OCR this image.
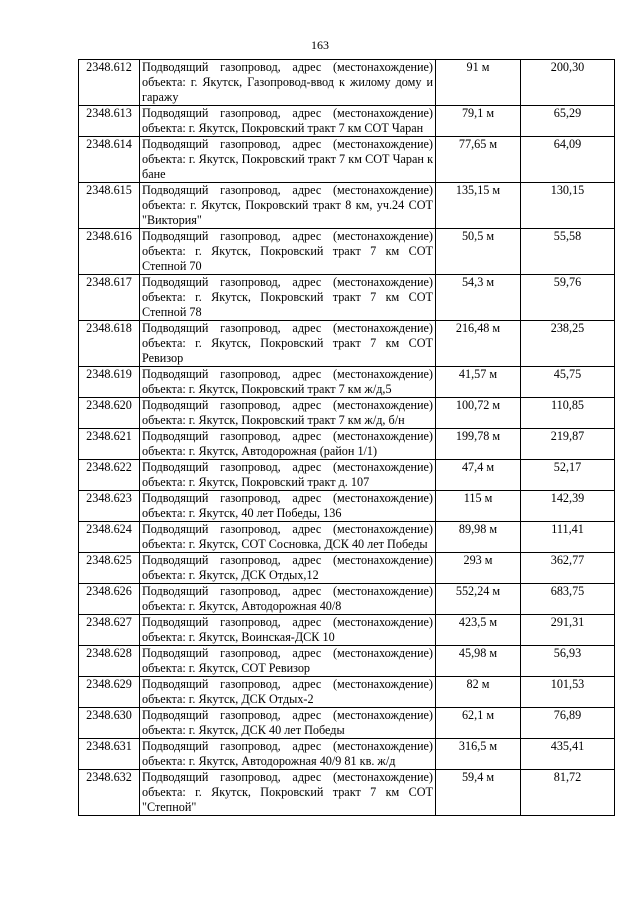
163
2348.612	Подводящий газопровод, адрес (местонахождение) объекта: г. Якутск, Газопровод-ввод к жилому дому и гаражу	91 м	200,30
2348.613	Подводящий газопровод, адрес (местонахождение) объекта: г. Якутск, Покровский тракт 7 км СОТ Чаран	79,1 м	65,29
2348.614	Подводящий газопровод, адрес (местонахождение) объекта: г. Якутск, Покровский тракт 7 км СОТ Чаран к бане	77,65 м	64,09
2348.615	Подводящий газопровод, адрес (местонахождение) объекта: г. Якутск, Покровский тракт 8 км, уч.24 СОТ "Виктория"	135,15 м	130,15
2348.616	Подводящий газопровод, адрес (местонахождение) объекта: г. Якутск, Покровский тракт 7 км СОТ Степной 70	50,5 м	55,58
2348.617	Подводящий газопровод, адрес (местонахождение) объекта: г. Якутск, Покровский тракт 7 км СОТ Степной 78	54,3 м	59,76
2348.618	Подводящий газопровод, адрес (местонахождение) объекта: г. Якутск, Покровский тракт 7 км СОТ Ревизор	216,48 м	238,25
2348.619	Подводящий газопровод, адрес (местонахождение) объекта: г. Якутск, Покровский тракт 7 км ж/д,5	41,57 м	45,75
2348.620	Подводящий газопровод, адрес (местонахождение) объекта: г. Якутск, Покровский тракт 7 км ж/д, б/н	100,72 м	110,85
2348.621	Подводящий газопровод, адрес (местонахождение) объекта: г. Якутск, Автодорожная (район 1/1)	199,78 м	219,87
2348.622	Подводящий газопровод, адрес (местонахождение) объекта: г. Якутск, Покровский тракт д. 107	47,4 м	52,17
2348.623	Подводящий газопровод, адрес (местонахождение) объекта: г. Якутск, 40 лет Победы, 136	115 м	142,39
2348.624	Подводящий газопровод, адрес (местонахождение) объекта: г. Якутск, СОТ Сосновка, ДСК 40 лет Победы	89,98 м	111,41
2348.625	Подводящий газопровод, адрес (местонахождение) объекта: г. Якутск, ДСК Отдых,12	293 м	362,77
2348.626	Подводящий газопровод, адрес (местонахождение) объекта: г. Якутск, Автодорожная 40/8	552,24 м	683,75
2348.627	Подводящий газопровод, адрес (местонахождение) объекта: г. Якутск, Воинская-ДСК 10	423,5 м	291,31
2348.628	Подводящий газопровод, адрес (местонахождение) объекта: г. Якутск, СОТ Ревизор	45,98 м	56,93
2348.629	Подводящий газопровод, адрес (местонахождение) объекта: г. Якутск, ДСК Отдых-2	82 м	101,53
2348.630	Подводящий газопровод, адрес (местонахождение) объекта: г. Якутск, ДСК 40 лет Победы	62,1 м	76,89
2348.631	Подводящий газопровод, адрес (местонахождение) объекта: г. Якутск, Автодорожная 40/9 81 кв. ж/д	316,5 м	435,41
2348.632	Подводящий газопровод, адрес (местонахождение) объекта: г. Якутск, Покровский тракт 7 км СОТ "Степной"	59,4 м	81,72
